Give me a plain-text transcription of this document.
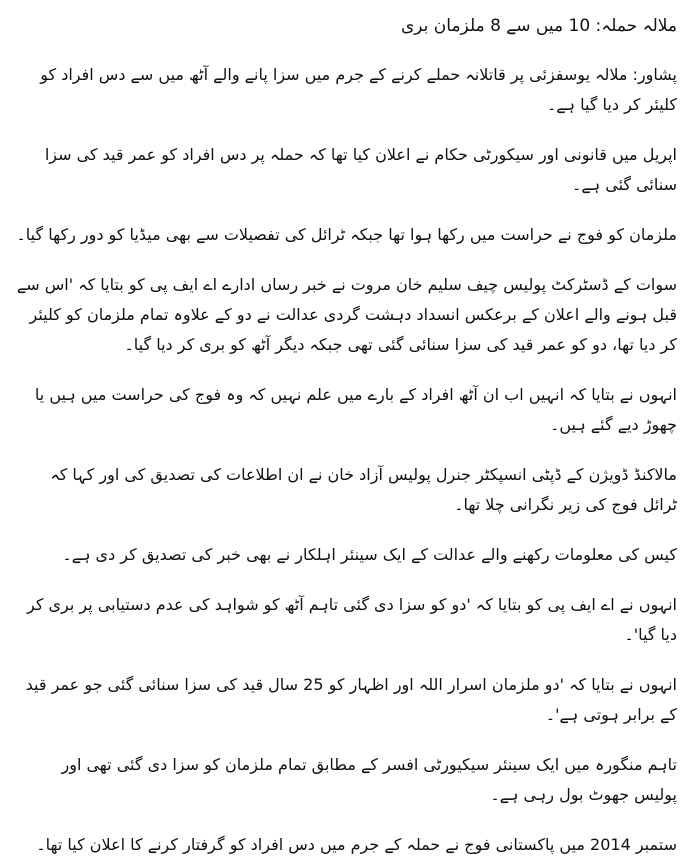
ملالہ حملہ: 10 میں سے 8 ملزمان بری

پشاور: ملالہ یوسفزئی پر قاتلانہ حملے کرنے کے جرم میں سزا پانے والے آٹھ میں سے دس افراد کو کلیئر کر دیا گیا ہے۔

اپریل میں قانونی اور سیکورٹی حکام نے اعلان کیا تھا کہ حملہ پر دس افراد کو عمر قید کی سزا سنائی گئی ہے۔

ملزمان کو فوج نے حراست میں رکھا ہوا تھا جبکہ ٹرائل کی تفصیلات سے بھی میڈیا کو دور رکھا گیا۔

سوات کے ڈسٹرکٹ پولیس چیف سلیم خان مروت نے خبر رساں ادارے اے ایف پی کو بتایا کہ 'اس سے قبل ہونے والے اعلان کے برعکس انسداد دہشت گردی عدالت نے دو کے علاوہ تمام ملزمان کو کلیئر کر دیا تھا، دو کو عمر قید کی سزا سنائی گئی تھی جبکہ دیگر آٹھ کو بری کر دیا گیا۔

انہوں نے بتایا کہ انہیں اب ان آٹھ افراد کے بارے میں علم نہیں کہ وہ فوج کی حراست میں ہیں یا چھوڑ دیے گئے ہیں۔

مالاکنڈ ڈویژن کے ڈپٹی انسپکٹر جنرل پولیس آزاد خان نے ان اطلاعات کی تصدیق کی اور کہا کہ ٹرائل فوج کی زیر نگرانی چلا تھا۔

کیس کی معلومات رکھنے والے عدالت کے ایک سینئر اہلکار نے بھی خبر کی تصدیق کر دی ہے۔

انہوں نے اے ایف پی کو بتایا کہ 'دو کو سزا دی گئی تاہم آٹھ کو شواہد کی عدم دستیابی پر بری کر دیا گیا'۔

انہوں نے بتایا کہ 'دو ملزمان اسرار اللہ اور اظہار کو 25 سال قید کی سزا سنائی گئی جو عمر قید کے برابر ہوتی ہے'۔

تاہم منگورہ میں ایک سینئر سیکیورٹی افسر کے مطابق تمام ملزمان کو سزا دی گئی تھی اور پولیس جھوٹ بول رہی ہے۔

ستمبر 2014 میں پاکستانی فوج نے حملہ کے جرم میں دس افراد کو گرفتار کرنے کا اعلان کیا تھا۔
